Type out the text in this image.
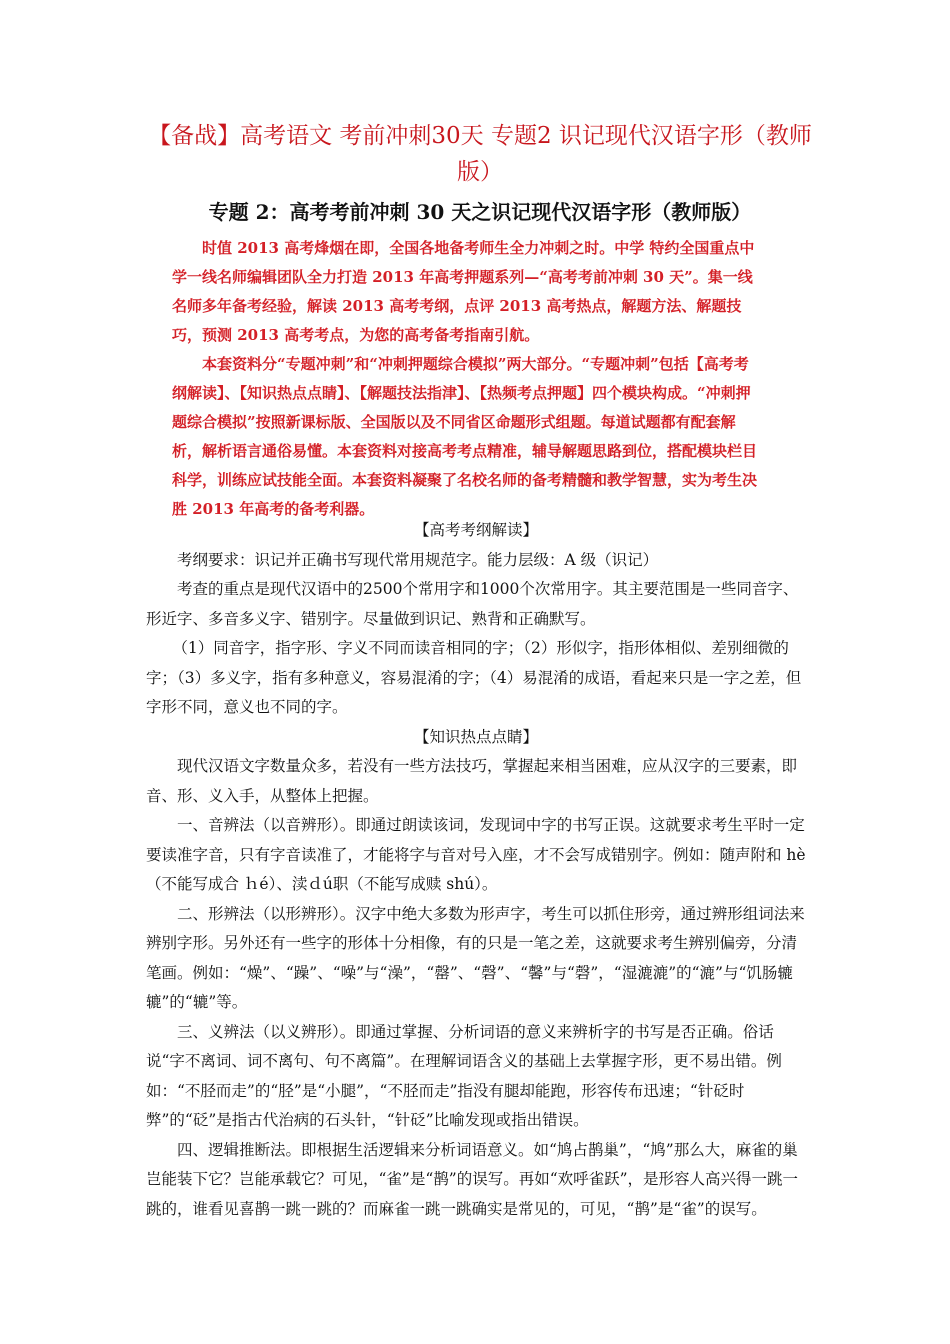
【备战】高考语文 考前冲刺30天 专题2 识记现代汉语字形（教师版）
专题 2：高考考前冲刺 30 天之识记现代汉语字形（教师版）

时值 2013 高考烽烟在即，全国各地备考师生全力冲刺之时。中学 特约全国重点中学一线名师编辑团队全力打造 2013 年高考押题系列—“高考考前冲刺 30 天”。集一线名师多年备考经验，解读 2013 高考考纲，点评 2013 高考热点，解题方法、解题技巧，预测 2013 高考考点，为您的高考备考指南引航。

本套资料分“专题冲刺”和“冲刺押题综合模拟”两大部分。“专题冲刺”包括【高考考纲解读】、【知识热点点睛】、【解题技法指津】、【热频考点押题】四个模块构成。“冲刺押题综合模拟”按照新课标版、全国版以及不同省区命题形式组题。每道试题都有配套解析，解析语言通俗易懂。本套资料对接高考考点精准，辅导解题思路到位，搭配模块栏目科学，训练应试技能全面。本套资料凝聚了名校名师的备考精髓和教学智慧，实为考生决胜 2013 年高考的备考利器。

【高考考纲解读】

考纲要求：识记并正确书写现代常用规范字。能力层级：A 级（识记）

考查的重点是现代汉语中的2500个常用字和1000个次常用字。其主要范围是一些同音字、形近字、多音多义字、错别字。尽量做到识记、熟背和正确默写。

（1）同音字，指字形、字义不同而读音相同的字；（2）形似字，指形体相似、差别细微的字；（3）多义字，指有多种意义，容易混淆的字；（4）易混淆的成语，看起来只是一字之差，但字形不同，意义也不同的字。

【知识热点点睛】

现代汉语文字数量众多，若没有一些方法技巧，掌握起来相当困难，应从汉字的三要素，即音、形、义入手，从整体上把握。

一、音辨法（以音辨形）。即通过朗读该词，发现词中字的书写正误。这就要求考生平时一定要读准字音，只有字音读准了，才能将字与音对号入座，才不会写成错别字。例如：随声附和 hè（不能写成合 ｈé）、渎ｄú职（不能写成赎 shú）。

二、形辨法（以形辨形）。汉字中绝大多数为形声字，考生可以抓住形旁，通过辨形组词法来辨别字形。另外还有一些字的形体十分相像，有的只是一笔之差，这就要求考生辨别偏旁，分清笔画。例如：“燥”、“躁”、“噪”与“澡”，“罄”、“磬”、“馨”与“磬”，“湿漉漉”的“漉”与“饥肠辘辘”的“辘”等。

三、义辨法（以义辨形）。即通过掌握、分析词语的意义来辨析字的书写是否正确。俗话说“字不离词、词不离句、句不离篇”。在理解词语含义的基础上去掌握字形，更不易出错。例如：“不胫而走”的“胫”是“小腿”，“不胫而走”指没有腿却能跑，形容传布迅速；“针砭时弊”的“砭”是指古代治病的石头针，“针砭”比喻发现或指出错误。

四、逻辑推断法。即根据生活逻辑来分析词语意义。如“鸠占鹊巢”，“鸠”那么大，麻雀的巢岂能装下它？岂能承载它？可见，“雀”是“鹊”的误写。再如“欢呼雀跃”，是形容人高兴得一跳一跳的，谁看见喜鹊一跳一跳的？而麻雀一跳一跳确实是常见的，可见，“鹊”是“雀”的误写。
